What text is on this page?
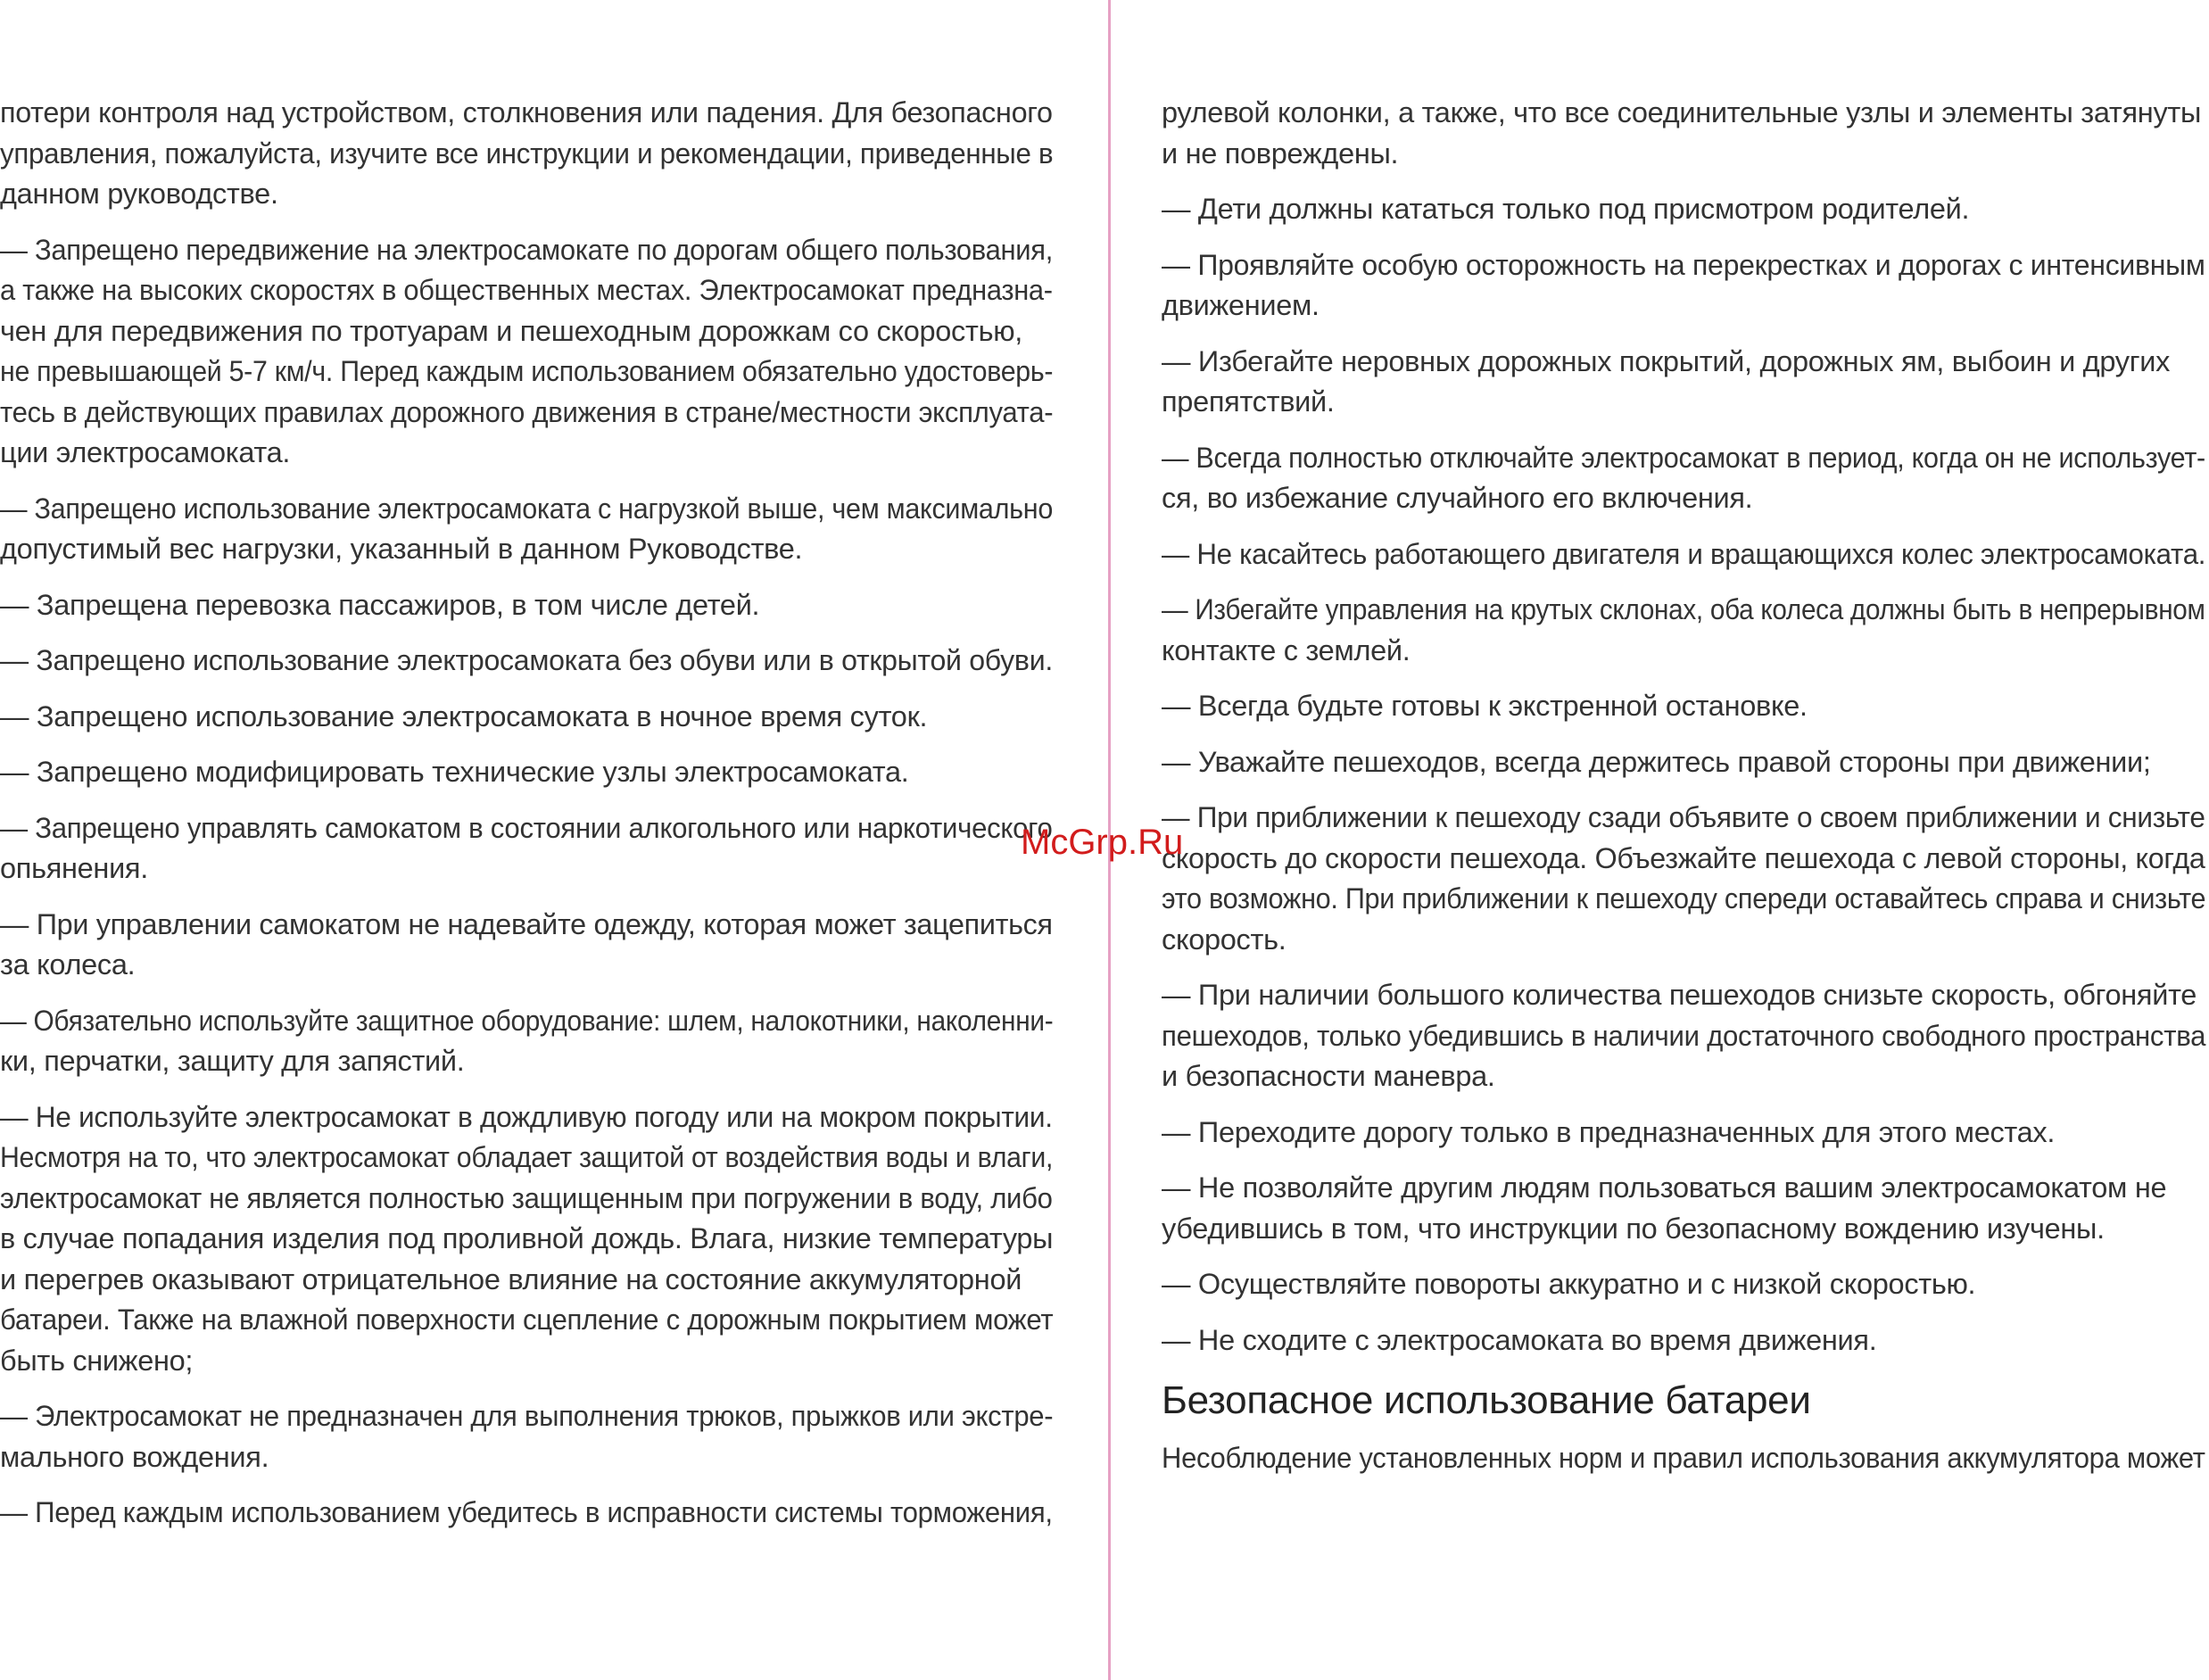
потери контроля над устройством, столкновения или падения. Для безопасного
управления, пожалуйста, изучите все инструкции и рекомендации, приведенные в
данном руководстве.
— Запрещено передвижение на электросамокате по дорогам общего пользования,
а также на высоких скоростях в общественных местах. Электросамокат предназна-
чен для передвижения по тротуарам и пешеходным дорожкам со скоростью,
не превышающей 5-7 км/ч. Перед каждым использованием обязательно удостоверь-
тесь в действующих правилах дорожного движения в стране/местности эксплуата-
ции электросамоката.
— Запрещено использование электросамоката с нагрузкой выше, чем максимально
допустимый вес нагрузки, указанный в данном Руководстве.
— Запрещена перевозка пассажиров, в том числе детей.
— Запрещено использование электросамоката без обуви или в открытой обуви.
— Запрещено использование электросамоката в ночное время суток.
— Запрещено модифицировать технические узлы электросамоката.
— Запрещено управлять самокатом в состоянии алкогольного или наркотического
опьянения.
— При управлении самокатом не надевайте одежду, которая может зацепиться
за колеса.
— Обязательно используйте защитное оборудование: шлем, налокотники, наколенни-
ки, перчатки, защиту для запястий.
— Не используйте электросамокат в дождливую погоду или на мокром покрытии.
Несмотря на то, что электросамокат обладает защитой от воздействия воды и влаги,
электросамокат не является полностью защищенным при погружении в воду, либо
в случае попадания изделия под проливной дождь. Влага, низкие температуры
и перегрев оказывают отрицательное влияние на состояние аккумуляторной
батареи. Также на влажной поверхности сцепление с дорожным покрытием может
быть снижено;
— Электросамокат не предназначен для выполнения трюков, прыжков или экстре-
мального вождения.
— Перед каждым использованием убедитесь в исправности системы торможения,
рулевой колонки, а также, что все соединительные узлы и элементы затянуты
и не повреждены.
— Дети должны кататься только под присмотром родителей.
— Проявляйте особую осторожность на перекрестках и дорогах с интенсивным
движением.
— Избегайте неровных дорожных покрытий, дорожных ям, выбоин и других
препятствий.
— Всегда полностью отключайте электросамокат в период, когда он не использует-
ся, во избежание случайного его включения.
— Не касайтесь работающего двигателя и вращающихся колес электросамоката.
— Избегайте управления на крутых склонах, оба колеса должны быть в непрерывном
контакте с землей.
— Всегда будьте готовы к экстренной остановке.
— Уважайте пешеходов, всегда держитесь правой стороны при движении;
— При приближении к пешеходу сзади объявите о своем приближении и снизьте
скорость до скорости пешехода. Объезжайте пешехода с левой стороны, когда
это возможно. При приближении к пешеходу спереди оставайтесь справа и снизьте
скорость.
— При наличии большого количества пешеходов снизьте скорость, обгоняйте
пешеходов, только убедившись в наличии достаточного свободного пространства
и безопасности маневра.
— Переходите дорогу только в предназначенных для этого местах.
— Не позволяйте другим людям пользоваться вашим электросамокатом не
убедившись в том, что инструкции по безопасному вождению изучены.
— Осуществляйте повороты аккуратно и с низкой скоростью.
— Не сходите с электросамоката во время движения.
Безопасное использование батареи
Несоблюдение установленных норм и правил использования аккумулятора может
McGrp.Ru
